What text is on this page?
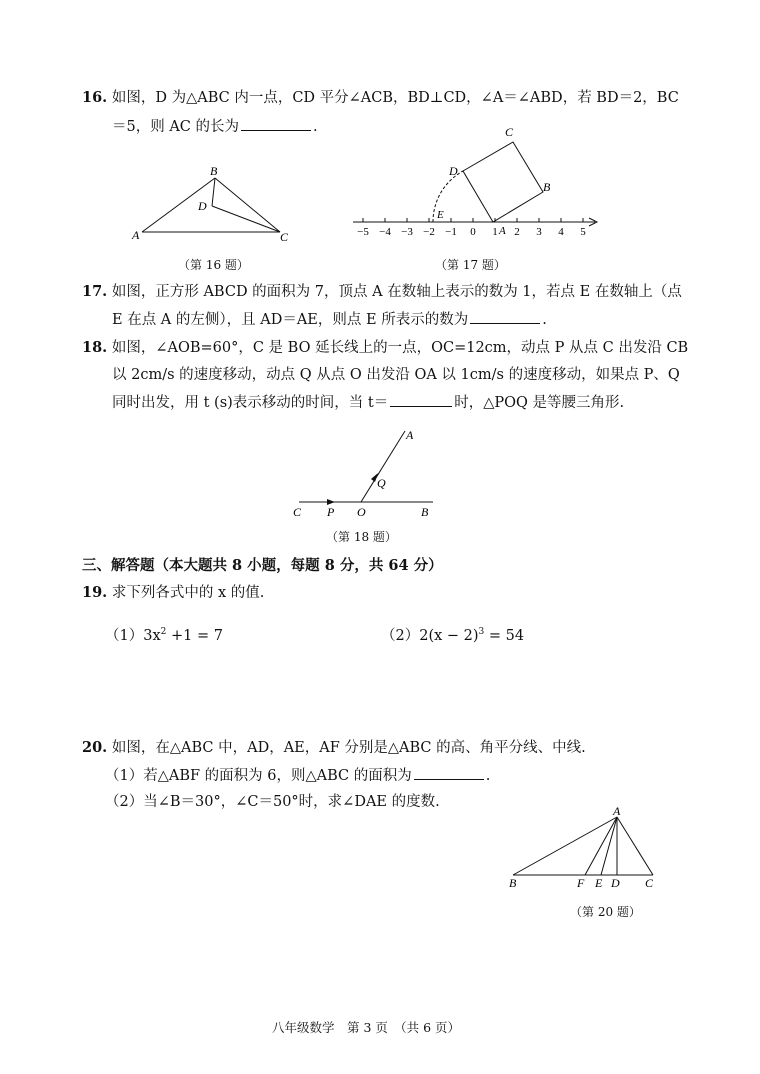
16. 如图，D 为△ABC 内一点，CD 平分∠ACB，BD⊥CD，∠A＝∠ABD，若 BD＝2，BC
＝5，则 AC 的长为	.
A
B
C
D
（第 16 题）
−5 −4 −3 −2 −1 0 1 2 3 4 5
C
B
D
E
A
（第 17 题）
17. 如图，正方形 ABCD 的面积为 7，顶点 A 在数轴上表示的数为 1，若点 E 在数轴上（点
E 在点 A 的左侧），且 AD＝AE，则点 E 所表示的数为	.
18. 如图，∠AOB=60°，C 是 BO 延长线上的一点，OC=12cm，动点 P 从点 C 出发沿 CB
以 2cm/s 的速度移动，动点 Q 从点 O 出发沿 OA 以 1cm/s 的速度移动，如果点 P、Q
同时出发，用 t (s)表示移动的时间，当 t＝	时，△POQ 是等腰三角形.
A
Q
C P O	B
（第 18 题）
三、解答题（本大题共 8 小题，每题 8 分，共 64 分）
19. 求下列各式中的 x 的值.
$(1)3x^2 +1 = 7$	$(2)2(x - 2)^3 = 54$
20. 如图，在△ABC 中，AD，AE，AF 分别是△ABC 的高、角平分线、中线.
（1）若△ABF 的面积为 6，则△ABC 的面积为	.
（2）当∠B＝30°，∠C＝50°时，求∠DAE 的度数.
A
B	F E D C
（第 20 题）
八年级数学　第 3 页　（共 6 页）
